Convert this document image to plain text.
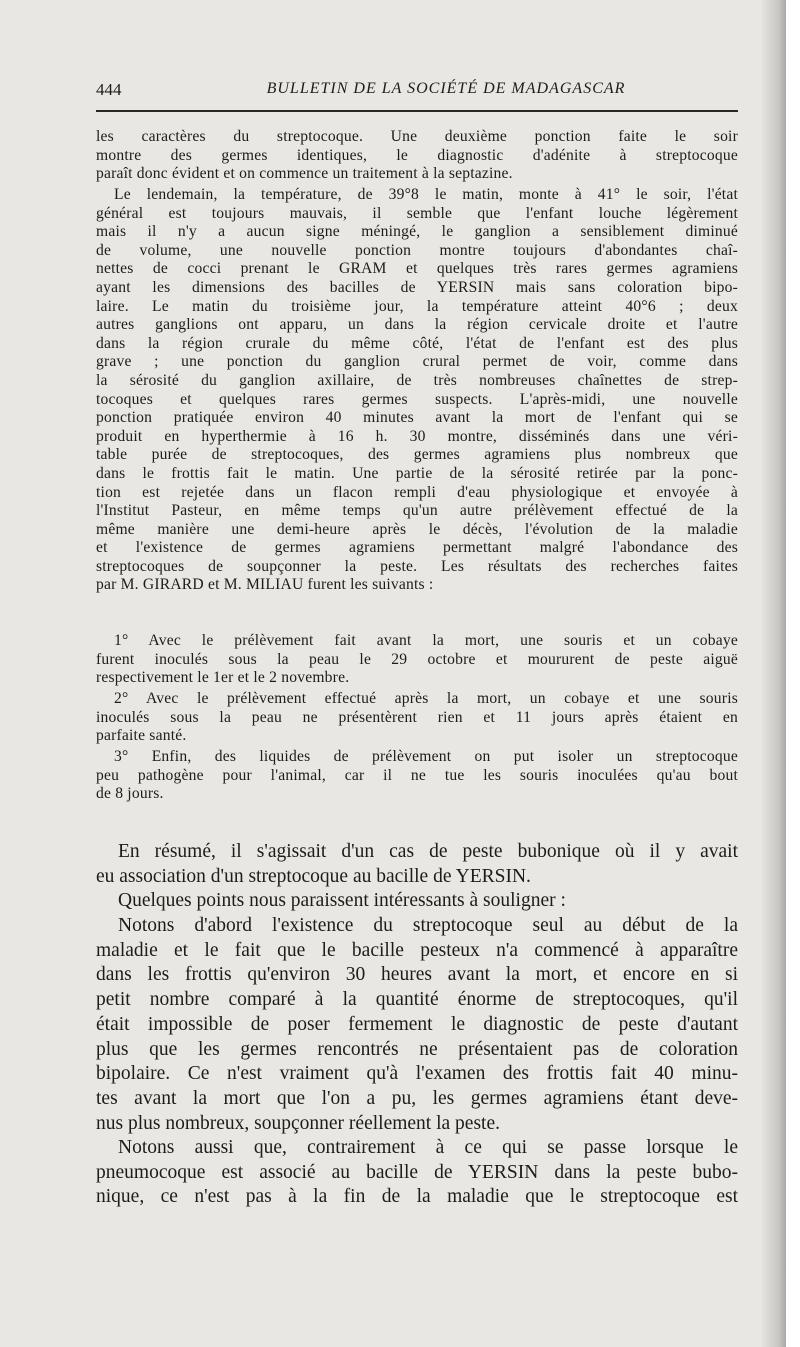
444	BULLETIN DE LA SOCIÉTÉ DE MADAGASCAR
les caractères du streptocoque. Une deuxième ponction faite le soir
montre des germes identiques, le diagnostic d'adénite à streptocoque
paraît donc évident et on commence un traitement à la septazine.
Le lendemain, la température, de 39°8 le matin, monte à 41° le soir, l'état
général est toujours mauvais, il semble que l'enfant louche légèrement
mais il n'y a aucun signe méningé, le ganglion a sensiblement diminué
de volume, une nouvelle ponction montre toujours d'abondantes chaî-
nettes de cocci prenant le GRAM et quelques très rares germes agramiens
ayant les dimensions des bacilles de YERSIN mais sans coloration bipo-
laire. Le matin du troisième jour, la température atteint 40°6 ; deux
autres ganglions ont apparu, un dans la région cervicale droite et l'autre
dans la région crurale du même côté, l'état de l'enfant est des plus
grave ; une ponction du ganglion crural permet de voir, comme dans
la sérosité du ganglion axillaire, de très nombreuses chaînettes de strep-
tocoques et quelques rares germes suspects. L'après-midi, une nouvelle
ponction pratiquée environ 40 minutes avant la mort de l'enfant qui se
produit en hyperthermie à 16 h. 30 montre, disséminés dans une véri-
table purée de streptocoques, des germes agramiens plus nombreux que
dans le frottis fait le matin. Une partie de la sérosité retirée par la ponc-
tion est rejetée dans un flacon rempli d'eau physiologique et envoyée à
l'Institut Pasteur, en même temps qu'un autre prélèvement effectué de la
même manière une demi-heure après le décès, l'évolution de la maladie
et l'existence de germes agramiens permettant malgré l'abondance des
streptocoques de soupçonner la peste. Les résultats des recherches faites
par M. GIRARD et M. MILIAU furent les suivants :
1° Avec le prélèvement fait avant la mort, une souris et un cobaye
furent inoculés sous la peau le 29 octobre et moururent de peste aiguë
respectivement le 1er et le 2 novembre.
2° Avec le prélèvement effectué après la mort, un cobaye et une souris
inoculés sous la peau ne présentèrent rien et 11 jours après étaient en
parfaite santé.
3° Enfin, des liquides de prélèvement on put isoler un streptocoque
peu pathogène pour l'animal, car il ne tue les souris inoculées qu'au bout
de 8 jours.
En résumé, il s'agissait d'un cas de peste bubonique où il y avait
eu association d'un streptocoque au bacille de YERSIN.
Quelques points nous paraissent intéressants à souligner :
Notons d'abord l'existence du streptocoque seul au début de la
maladie et le fait que le bacille pesteux n'a commencé à apparaître
dans les frottis qu'environ 30 heures avant la mort, et encore en si
petit nombre comparé à la quantité énorme de streptocoques, qu'il
était impossible de poser fermement le diagnostic de peste d'autant
plus que les germes rencontrés ne présentaient pas de coloration
bipolaire. Ce n'est vraiment qu'à l'examen des frottis fait 40 minu-
tes avant la mort que l'on a pu, les germes agramiens étant deve-
nus plus nombreux, soupçonner réellement la peste.
Notons aussi que, contrairement à ce qui se passe lorsque le
pneumocoque est associé au bacille de YERSIN dans la peste bubo-
nique, ce n'est pas à la fin de la maladie que le streptocoque est
